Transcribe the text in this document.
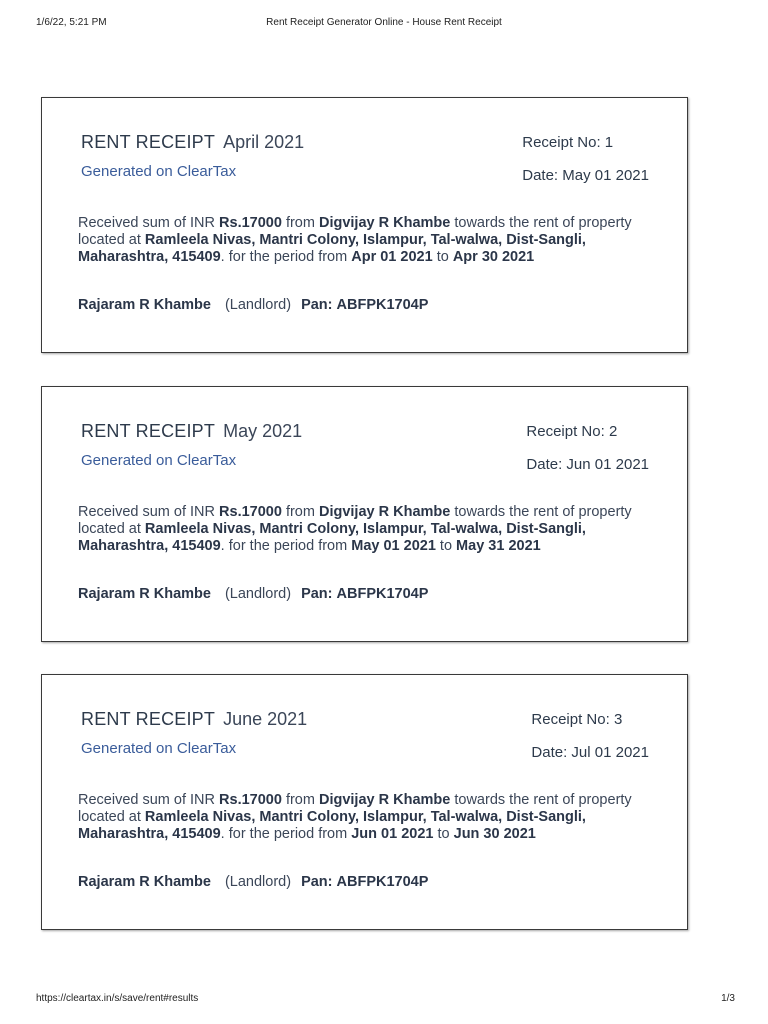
1/6/22, 5:21 PM	Rent Receipt Generator Online - House Rent Receipt
RENT RECEIPT April 2021
Generated on ClearTax
Receipt No: 1
Date: May 01 2021
Received sum of INR Rs.17000 from Digvijay R Khambe towards the rent of property located at Ramleela Nivas, Mantri Colony, Islampur, Tal-walwa, Dist-Sangli, Maharashtra, 415409. for the period from Apr 01 2021 to Apr 30 2021
Rajaram R Khambe (Landlord) Pan: ABFPK1704P
RENT RECEIPT May 2021
Generated on ClearTax
Receipt No: 2
Date: Jun 01 2021
Received sum of INR Rs.17000 from Digvijay R Khambe towards the rent of property located at Ramleela Nivas, Mantri Colony, Islampur, Tal-walwa, Dist-Sangli, Maharashtra, 415409. for the period from May 01 2021 to May 31 2021
Rajaram R Khambe (Landlord) Pan: ABFPK1704P
RENT RECEIPT June 2021
Generated on ClearTax
Receipt No: 3
Date: Jul 01 2021
Received sum of INR Rs.17000 from Digvijay R Khambe towards the rent of property located at Ramleela Nivas, Mantri Colony, Islampur, Tal-walwa, Dist-Sangli, Maharashtra, 415409. for the period from Jun 01 2021 to Jun 30 2021
Rajaram R Khambe (Landlord) Pan: ABFPK1704P
https://cleartax.in/s/save/rent#results	1/3
